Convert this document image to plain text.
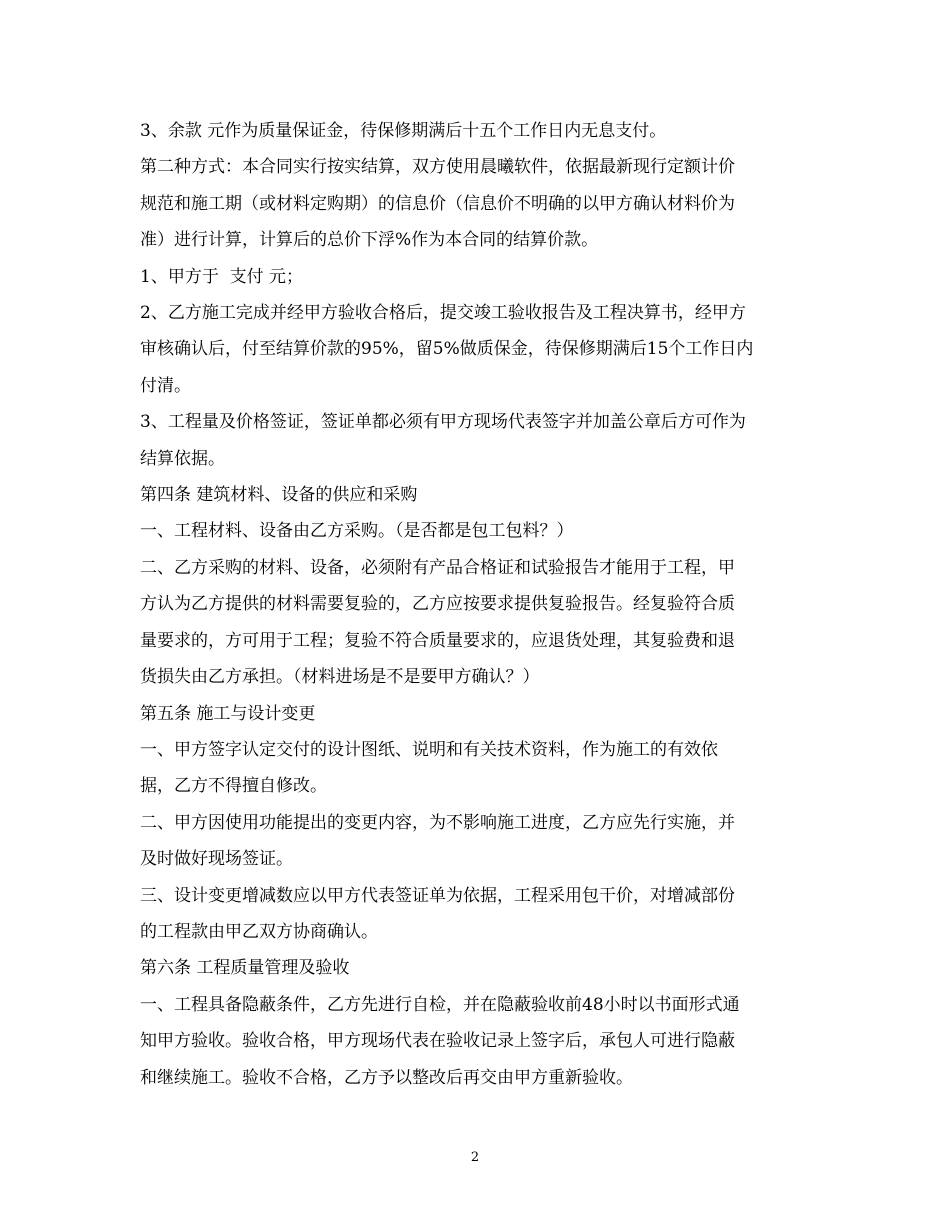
3、余款 元作为质量保证金，待保修期满后十五个工作日内无息支付。

第二种方式：本合同实行按实结算，双方使用晨曦软件，依据最新现行定额计价

规范和施工期（或材料定购期）的信息价（信息价不明确的以甲方确认材料价为

准）进行计算，计算后的总价下浮%作为本合同的结算价款。

1、甲方于  支付 元；

2、乙方施工完成并经甲方验收合格后，提交竣工验收报告及工程决算书，经甲方

审核确认后，付至结算价款的95%，留5%做质保金，待保修期满后15个工作日内

付清。

3、工程量及价格签证，签证单都必须有甲方现场代表签字并加盖公章后方可作为

结算依据。

第四条 建筑材料、设备的供应和采购

一、工程材料、设备由乙方采购。（是否都是包工包料？）

二、乙方采购的材料、设备，必须附有产品合格证和试验报告才能用于工程，甲

方认为乙方提供的材料需要复验的，乙方应按要求提供复验报告。经复验符合质

量要求的，方可用于工程；复验不符合质量要求的，应退货处理，其复验费和退

货损失由乙方承担。（材料进场是不是要甲方确认？）

第五条 施工与设计变更

一、甲方签字认定交付的设计图纸、说明和有关技术资料，作为施工的有效依

据，乙方不得擅自修改。

二、甲方因使用功能提出的变更内容，为不影响施工进度，乙方应先行实施，并

及时做好现场签证。

三、设计变更增减数应以甲方代表签证单为依据，工程采用包干价，对增减部份

的工程款由甲乙双方协商确认。

第六条 工程质量管理及验收

一、工程具备隐蔽条件，乙方先进行自检，并在隐蔽验收前48小时以书面形式通

知甲方验收。验收合格，甲方现场代表在验收记录上签字后，承包人可进行隐蔽

和继续施工。验收不合格，乙方予以整改后再交由甲方重新验收。

2
